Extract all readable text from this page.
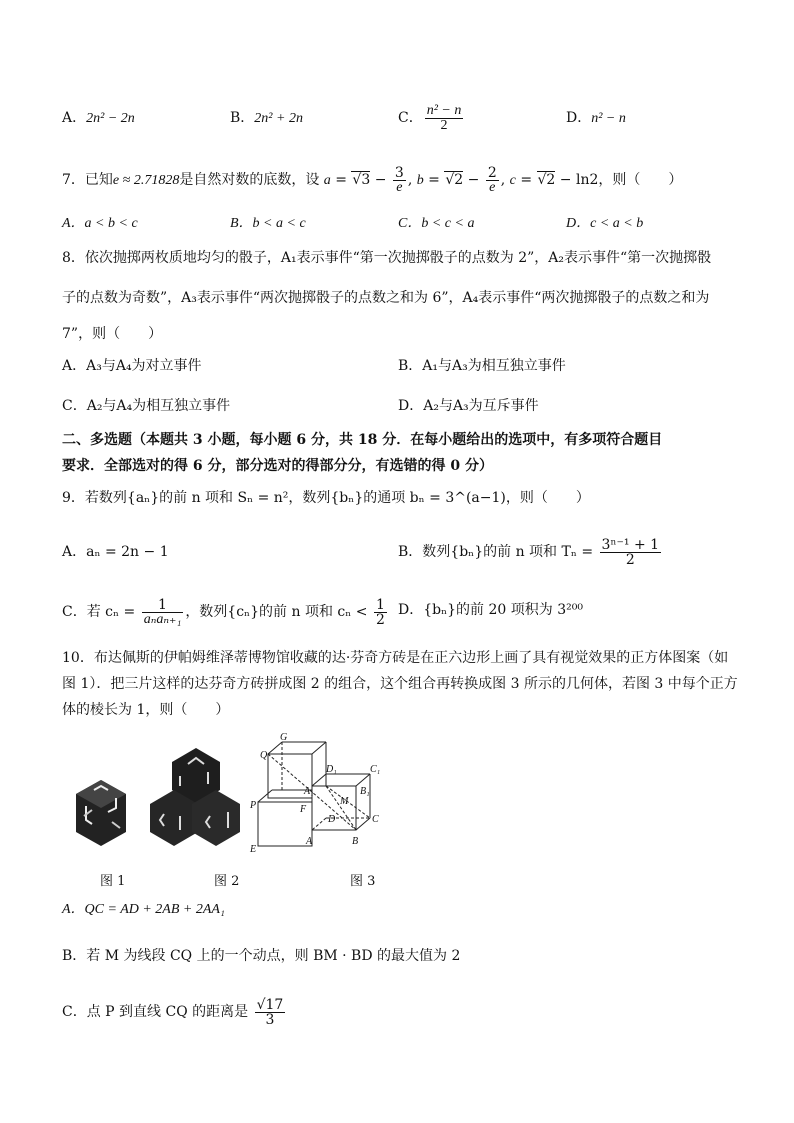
A．2n² − 2n	B．2n² + 2n	C． $\frac{\text{n² − n}}{2}$	D．n² − n
7．已知e ≈ 2.71828是自然对数的底数，设 $a = √3 - \frac{3}{e}$ , $b = √2 - \frac{2}{e}$ , c = √2 − ln2，则（　　）
A．a < b < c	B．b < a < c	C．b < c < a	D．c < a < b
8．依次抛掷两枚质地均匀的骰子，A₁表示事件“第一次抛掷骰子的点数为 2”，A₂表示事件“第一次抛掷骰
子的点数为奇数”，A₃表示事件“两次抛掷骰子的点数之和为 6”，A₄表示事件“两次抛掷骰子的点数之和为
7”，则（　　）
A．A₃与A₄为对立事件	B．A₁与A₃为相互独立事件
C．A₂与A₄为相互独立事件	D．A₂与A₃为互斥事件
二、多选题（本题共 3 小题，每小题 6 分，共 18 分．在每小题给出的选项中，有多项符合题目
要求．全部选对的得 6 分，部分选对的得部分分，有选错的得 0 分）
9．若数列{aₙ}的前 n 项和 Sₙ = n²，数列{bₙ}的通项 bₙ = 3^(a−1)，则（　　）
A．aₙ = 2n − 1	B．数列{bₙ}的前 n 项和 $T_n = \frac{\text{3ⁿ⁻¹ + 1}}{2}$
C．若 $c_n = \frac{1}{\text{aₙaₙ₊₁}}$ ，数列{cₙ}的前 n 项和 $c_n < \frac{1}{2}$ D．{bₙ}的前 20 项积为 3²⁰⁰
10．布达佩斯的伊帕姆维泽蒂博物馆收藏的达·芬奇方砖是在正六边形上画了具有视觉效果的正方体图案（如
图 1）．把三片这样的达芬奇方砖拼成图 2 的组合，这个组合再转换成图 3 所示的几何体，若图 3 中每个正方
体的棱长为 1，则（　　）
G
Q
D₁	C₁
A₁	B₁
M
P	F
D	C
E
A	B
图 1	图 2	图 3
A．QC = AD + 2AB + 2AA₁
B．若 M 为线段 CQ 上的一个动点，则 BM · BD 的最大值为 2
C．点 P 到直线 CQ 的距离是 $\frac{√17}{3}$
